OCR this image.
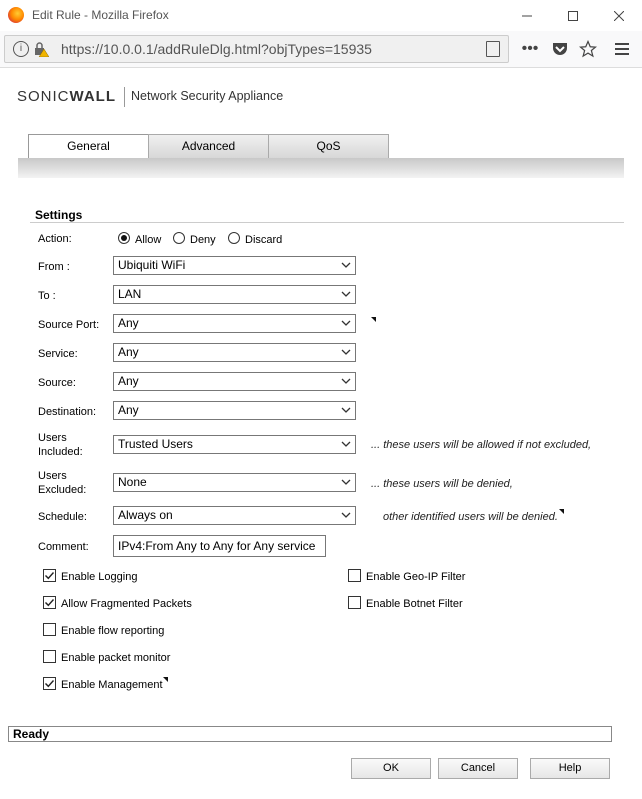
Edit Rule - Mozilla Firefox
i	https://10.0.0.1/addRuleDlg.html?objTypes=15935	•••
SONICWALL Network Security Appliance
General	Advanced	QoS
Settings
Action:	Allow	Deny	Discard
From :	Ubiquiti WiFi
To :	LAN
Source Port:	Any
Service:	Any
Source:	Any
Destination:	Any
Users
Included:
Trusted Users	... these users will be allowed if not excluded,
Users
Excluded:
None	... these users will be denied,
Schedule:	Always on	other identified users will be denied.
Comment:	IPv4:From Any to Any for Any service
Enable Logging
Allow Fragmented Packets
Enable flow reporting
Enable packet monitor
Enable Management
Enable Geo-IP Filter
Enable Botnet Filter
Ready
OK	Cancel	Help
